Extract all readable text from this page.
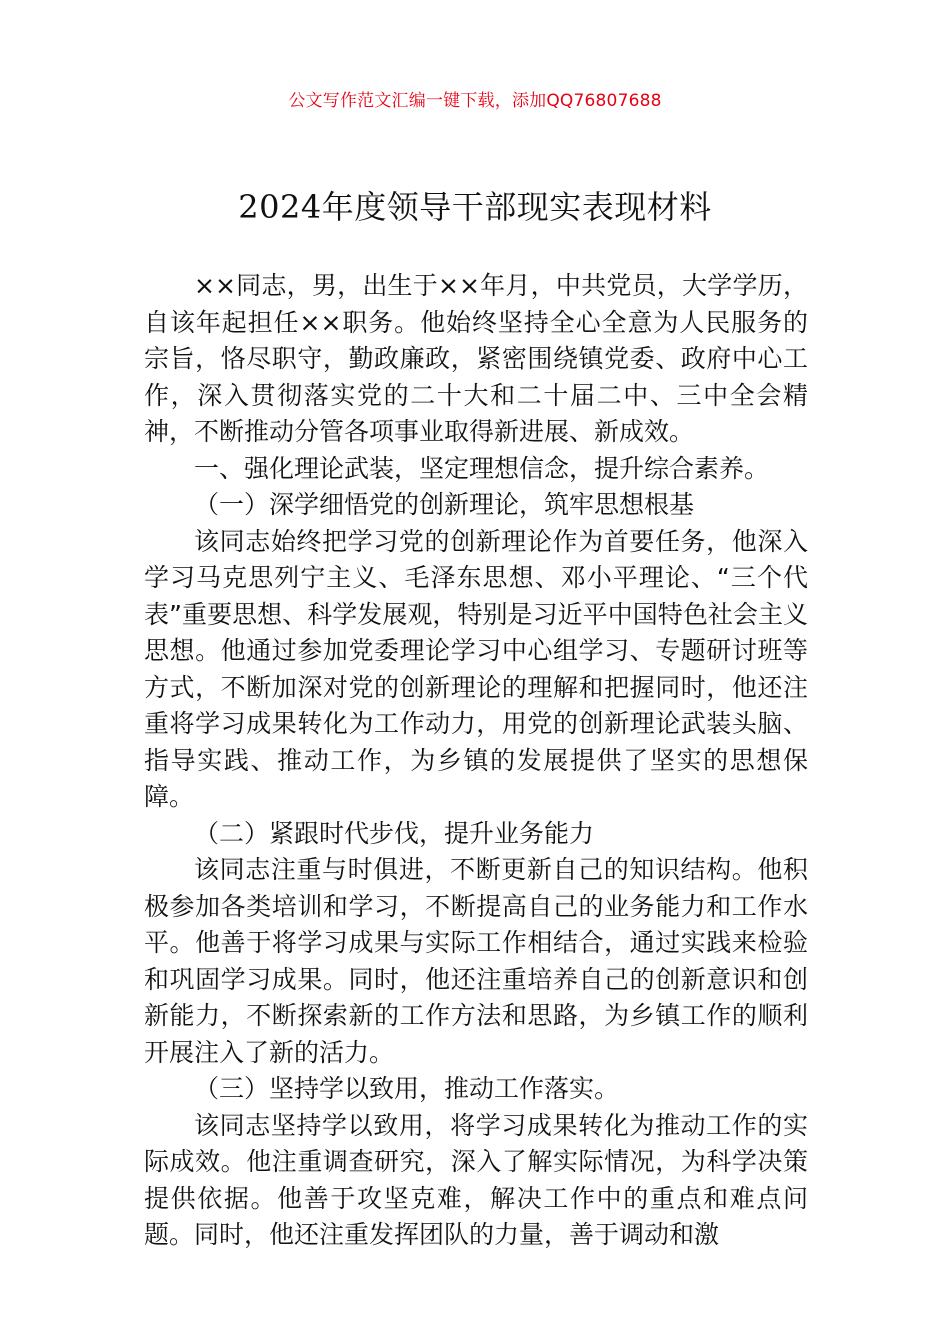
公文写作范文汇编一键下载，添加QQ76807688
2024年度领导干部现实表现材料

××同志，男，出生于××年月，中共党员，大学学历，自该年起担任××职务。他始终坚持全心全意为人民服务的宗旨，恪尽职守，勤政廉政，紧密围绕镇党委、政府中心工作，深入贯彻落实党的二十大和二十届二中、三中全会精神，不断推动分管各项事业取得新进展、新成效。

一、强化理论武装，坚定理想信念，提升综合素养。

（一）深学细悟党的创新理论，筑牢思想根基

该同志始终把学习党的创新理论作为首要任务，他深入学习马克思列宁主义、毛泽东思想、邓小平理论、“三个代表”重要思想、科学发展观，特别是习近平中国特色社会主义思想。他通过参加党委理论学习中心组学习、专题研讨班等方式，不断加深对党的创新理论的理解和把握同时，他还注重将学习成果转化为工作动力，用党的创新理论武装头脑、指导实践、推动工作，为乡镇的发展提供了坚实的思想保障。

（二）紧跟时代步伐，提升业务能力

该同志注重与时俱进，不断更新自己的知识结构。他积极参加各类培训和学习，不断提高自己的业务能力和工作水平。他善于将学习成果与实际工作相结合，通过实践来检验和巩固学习成果。同时，他还注重培养自己的创新意识和创新能力，不断探索新的工作方法和思路，为乡镇工作的顺利开展注入了新的活力。

（三）坚持学以致用，推动工作落实。

该同志坚持学以致用，将学习成果转化为推动工作的实际成效。他注重调查研究，深入了解实际情况，为科学决策提供依据。他善于攻坚克难，解决工作中的重点和难点问题。同时，他还注重发挥团队的力量，善于调动和激
